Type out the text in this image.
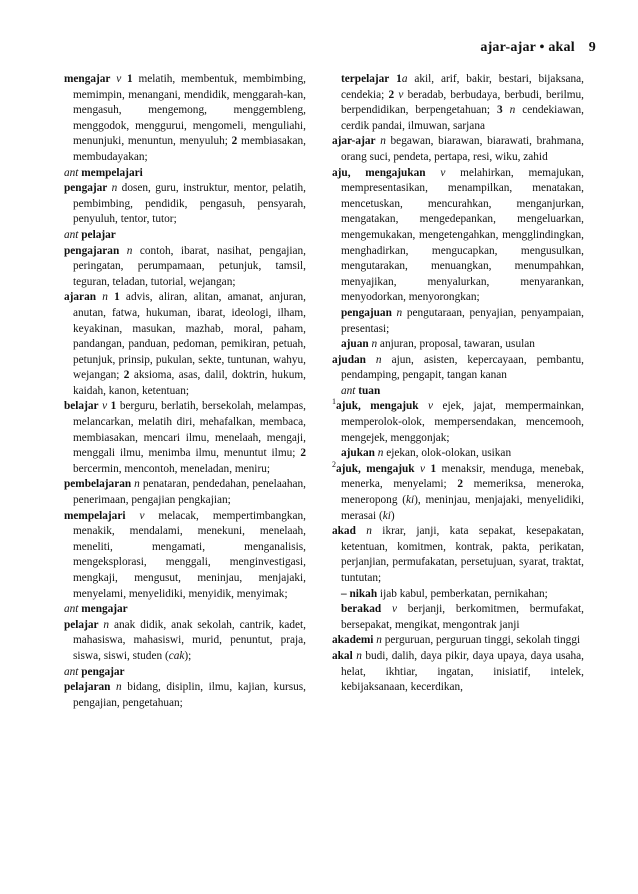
ajar-ajar • akal 9
mengajar v 1 melatih, membentuk, membimbing, memimpin, menangani, mendidik, menggarah-kan, mengasuh, mengemong, menggembleng, menggodok, menggurui, mengomeli, menguliahi, menunjuki, menuntun, menyuluh; 2 membiasakan, membudayakan;
ant mempelajari
pengajar n dosen, guru, instruktur, mentor, pelatih, pembimbing, pendidik, pengasuh, pensyarah, penyuluh, tentor, tutor;
ant pelajar
pengajaran n contoh, ibarat, nasihat, pengajian, peringatan, perumpamaan, petunjuk, tamsil, teguran, teladan, tutorial, wejangan;
ajaran n 1 advis, aliran, alitan, amanat, anjuran, anutan, fatwa, hukuman, ibarat, ideologi, ilham, keyakinan, masukan, mazhab, moral, paham, pandangan, panduan, pedoman, pemikiran, petuah, petunjuk, prinsip, pukulan, sekte, tuntunan, wahyu, wejangan; 2 aksioma, asas, dalil, doktrin, hukum, kaidah, kanon, ketentuan;
belajar v 1 berguru, berlatih, bersekolah, melampas, melancarkan, melatih diri, mehafalkan, membaca, membiasakan, mencari ilmu, menelaah, mengaji, menggali ilmu, menimba ilmu, menuntut ilmu; 2 bercermin, mencontoh, meneladan, meniru;
pembelajaran n penataran, pendedahan, penelaahan, penerimaan, pengajian pengkajian;
mempelajari v melacak, mempertimbangkan, menakik, mendalami, menekuni, menelaah, meneliti, mengamati, menganalisis, mengeksplorasi, menggali, menginvestigasi, mengkaji, mengusut, meninjau, menjajaki, menyelami, menyelidiki, menyidik, menyimak;
ant mengajar
pelajar n anak didik, anak sekolah, cantrik, kadet, mahasiswa, mahasiswi, murid, penuntut, praja, siswa, siswi, studen (cak);
ant pengajar
pelajaran n bidang, disiplin, ilmu, kajian, kursus, pengajian, pengetahuan;
terpelajar 1a akil, arif, bakir, bestari, bijaksana, cendekia; 2 v beradab, berbudaya, berbudi, berilmu, berpendidikan, berpengetahuan; 3 n cendekiawan, cerdik pandai, ilmuwan, sarjana
ajar-ajar n begawan, biarawan, biarawati, brahmana, orang suci, pendeta, pertapa, resi, wiku, zahid
aju, mengajukan v melahirkan, memajukan, mempresentasikan, menampilkan, menatakan, mencetuskan, mencurahkan, menganjurkan, mengatakan, mengedepankan, mengeluarkan, mengemukakan, mengetengahkan, mengglindingkan, menghadirkan, mengucapkan, mengusulkan, mengutarakan, menuangkan, menumpahkan, menyajikan, menyalurkan, menyarankan, menyodorkan, menyorongkan;
pengajuan n pengutaraan, penyajian, penyampaian, presentasi;
ajuan n anjuran, proposal, tawaran, usulan
ajudan n ajun, asisten, kepercayaan, pembantu, pendamping, pengapit, tangan kanan
ant tuan
$^1$ajuk, mengajuk v ejek, jajat, mempermainkan, memperolok-olok, mempersendakan, mencemooh, mengejek, menggonjak;
ajukan n ejekan, olok-olokan, usikan
$^2$ajuk, mengajuk v 1 menaksir, menduga, menebak, menerka, menyelami; 2 memeriksa, meneroka, meneropong (ki), meninjau, menjajaki, menyelidiki, merasai (ki)
akad n ikrar, janji, kata sepakat, kesepakatan, ketentuan, komitmen, kontrak, pakta, perikatan, perjanjian, permufakatan, persetujuan, syarat, traktat, tuntutan;
– nikah ijab kabul, pemberkatan, pernikahan;
berakad v berjanji, berkomitmen, bermufakat, bersepakat, mengikat, mengontrak janji
akademi n perguruan, perguruan tinggi, sekolah tinggi
akal n budi, dalih, daya pikir, daya upaya, daya usaha, helat, ikhtiar, ingatan, inisiatif, intelek, kebijaksanaan, kecerdikan,
